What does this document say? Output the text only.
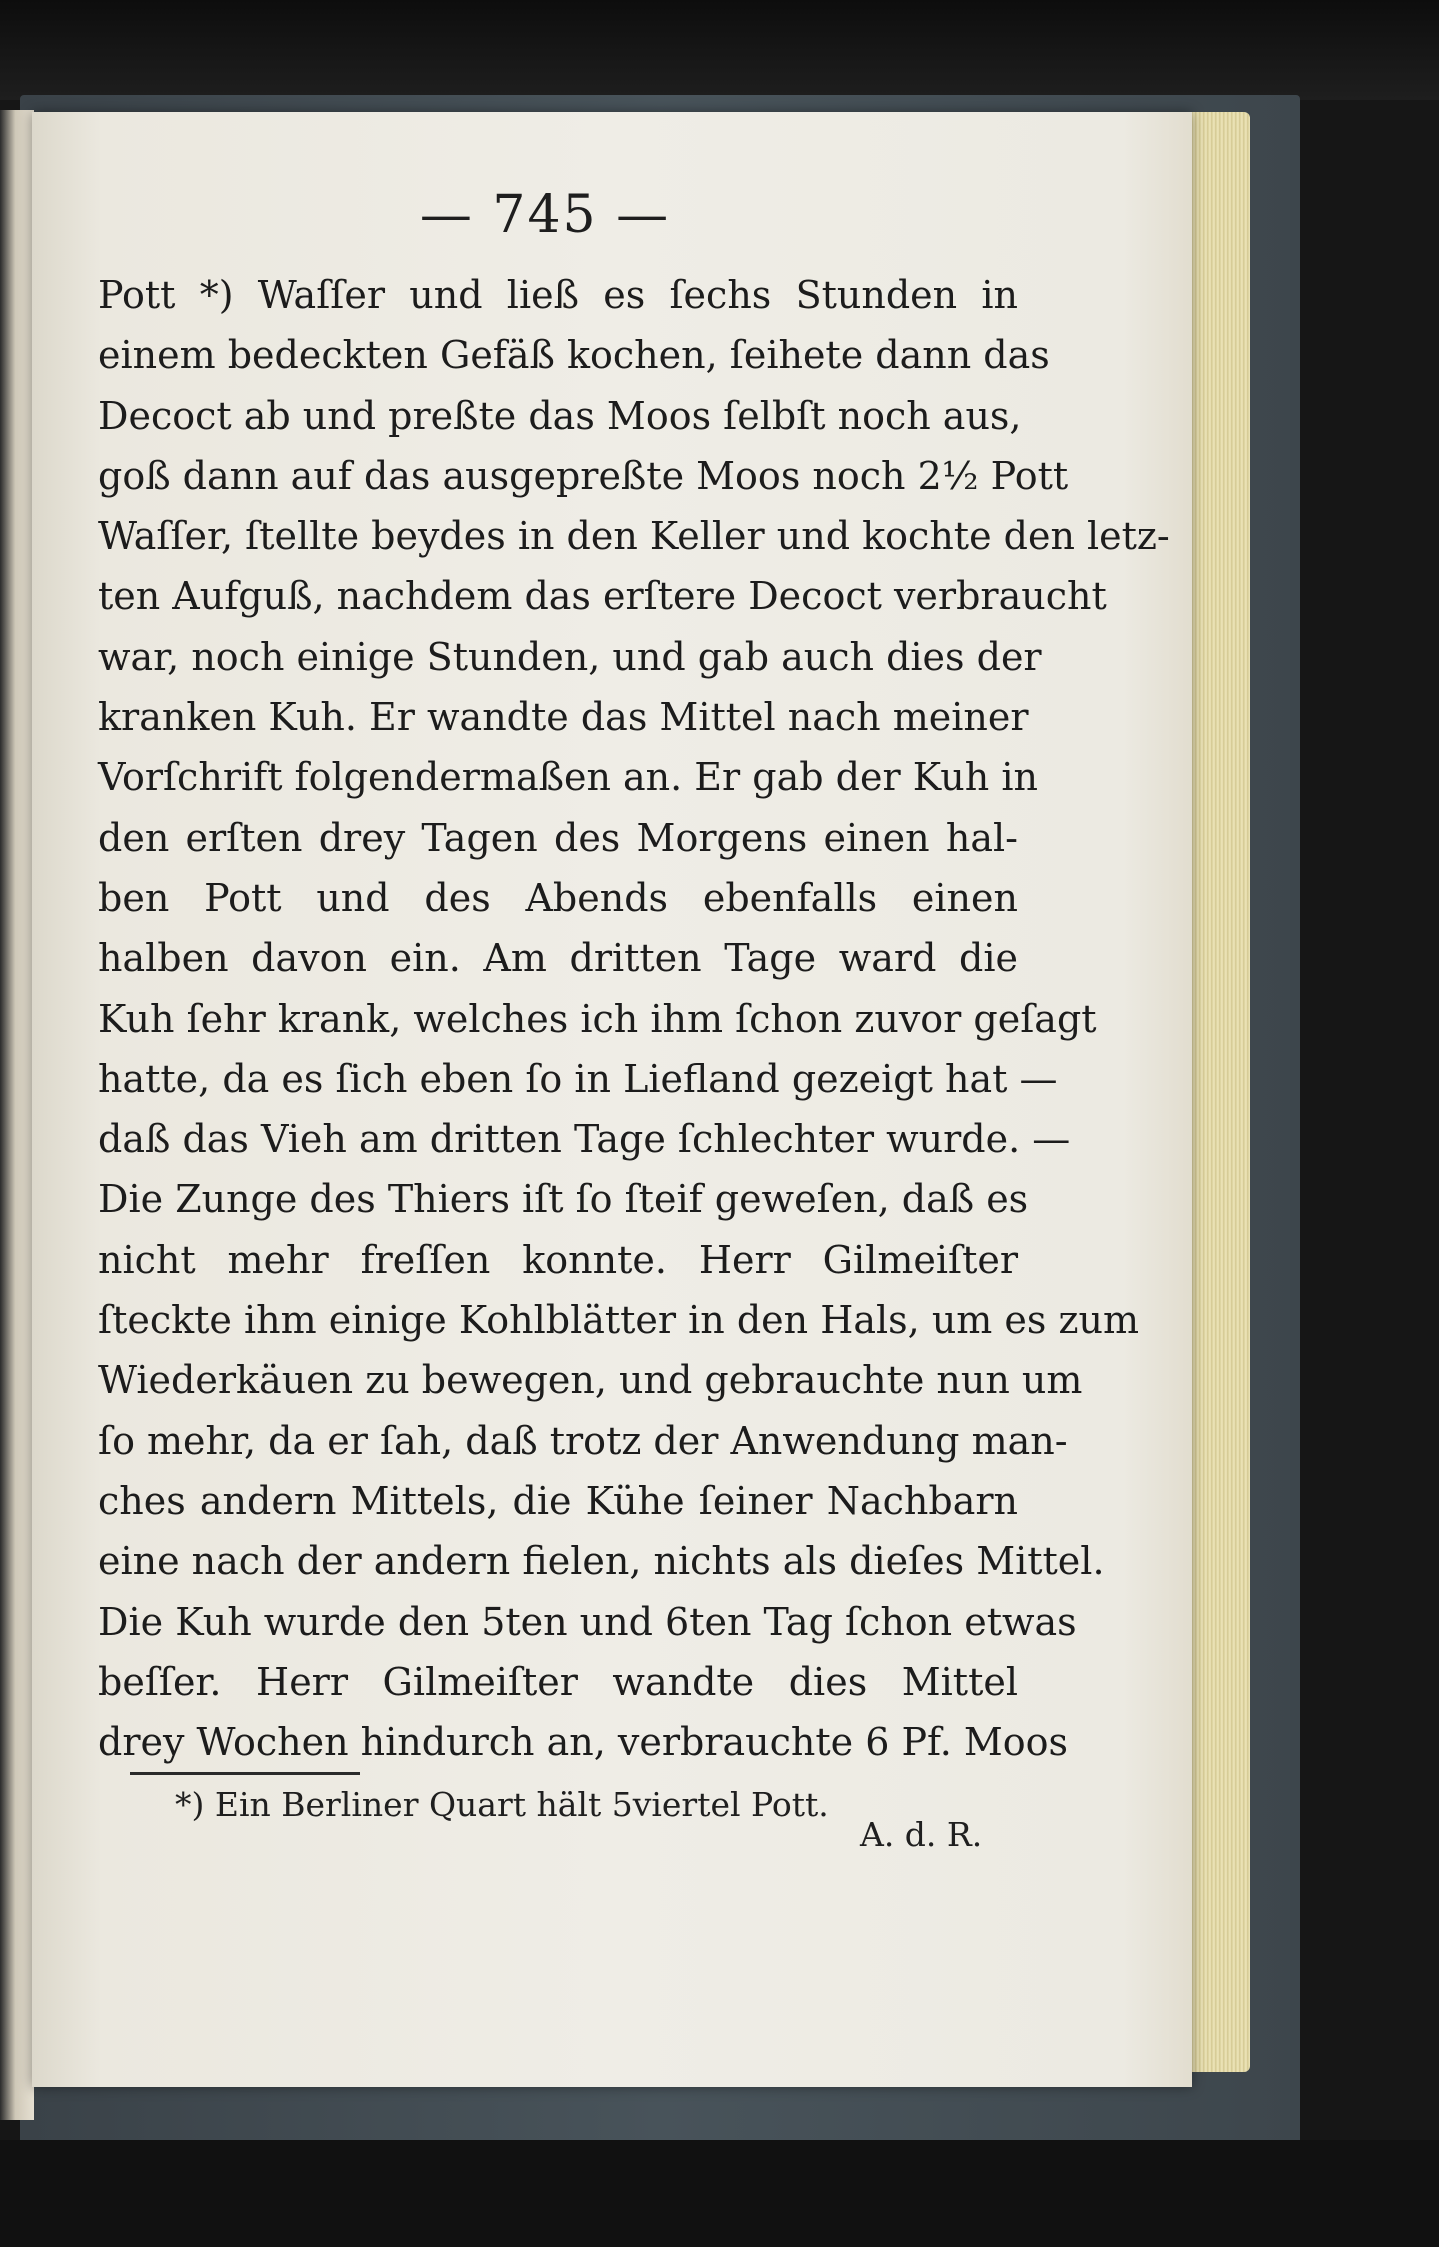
— 745 —
Pott *) Waſſer und ließ es ſechs Stunden in
einem bedeckten Gefäß kochen, ſeihete dann das
Decoct ab und preßte das Moos ſelbſt noch aus,
goß dann auf das ausgepreßte Moos noch 2½ Pott
Waſſer, ſtellte beydes in den Keller und kochte den letz-
ten Aufguß, nachdem das erſtere Decoct verbraucht
war, noch einige Stunden, und gab auch dies der
kranken Kuh. Er wandte das Mittel nach meiner
Vorſchrift folgendermaßen an. Er gab der Kuh in
den erſten drey Tagen des Morgens einen hal-
ben Pott und des Abends ebenfalls einen
halben davon ein. Am dritten Tage ward die
Kuh ſehr krank, welches ich ihm ſchon zuvor geſagt
hatte, da es ſich eben ſo in Liefland gezeigt hat —
daß das Vieh am dritten Tage ſchlechter wurde. —
Die Zunge des Thiers iſt ſo ſteif geweſen, daß es
nicht mehr freſſen konnte. Herr Gilmeiſter
ſteckte ihm einige Kohlblätter in den Hals, um es zum
Wiederkäuen zu bewegen, und gebrauchte nun um
ſo mehr, da er ſah, daß trotz der Anwendung man-
ches andern Mittels, die Kühe ſeiner Nachbarn
eine nach der andern fielen, nichts als dieſes Mittel.
Die Kuh wurde den 5ten und 6ten Tag ſchon etwas
beſſer. Herr Gilmeiſter wandte dies Mittel
drey Wochen hindurch an, verbrauchte 6 Pf. Moos
*) Ein Berliner Quart hält 5viertel Pott.
A. d. R.
